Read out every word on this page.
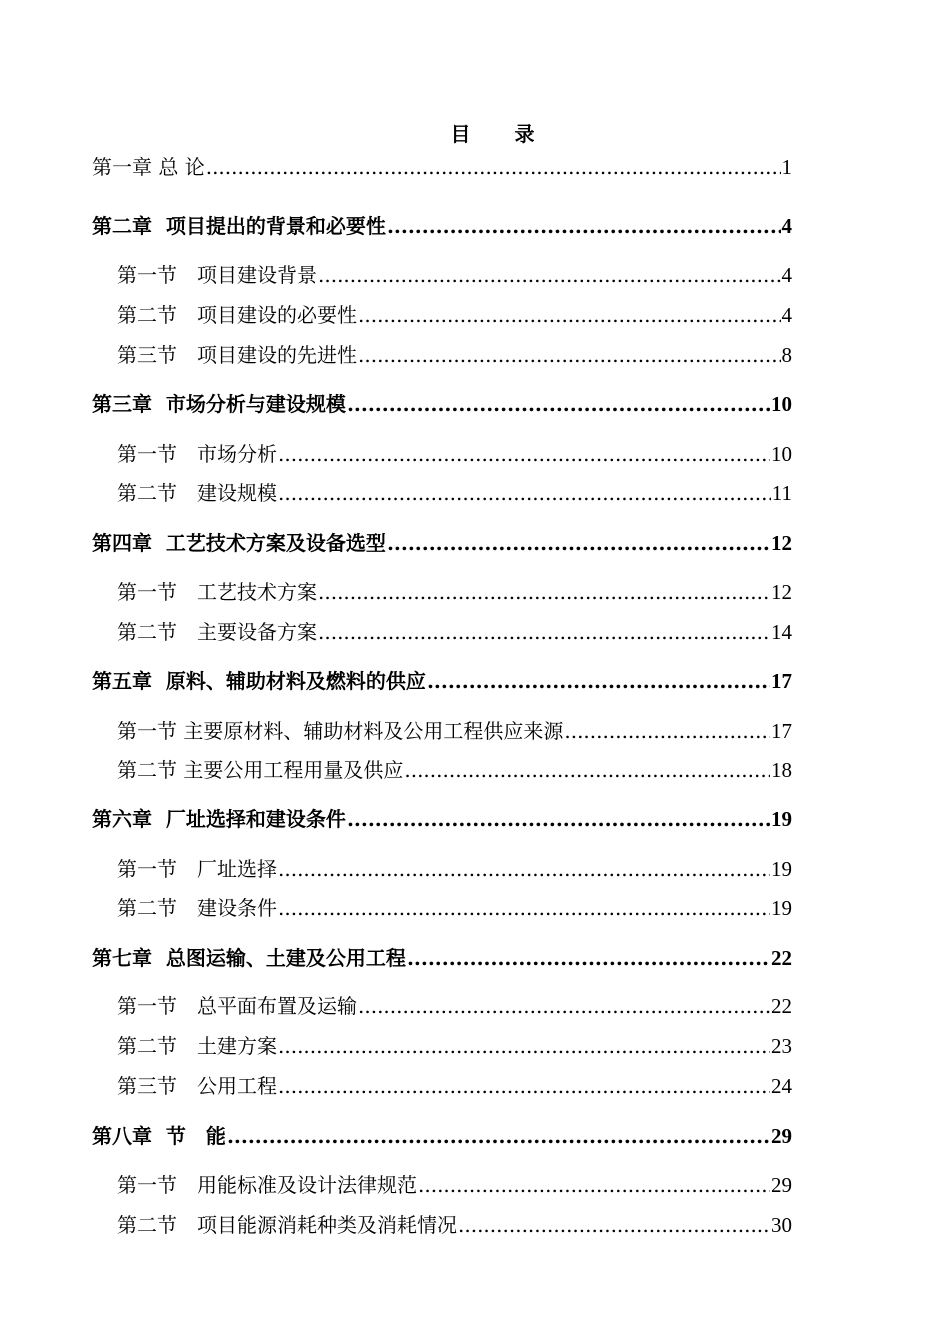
目　录
第一章 总 论 .....	1
第二章  项目提出的背景和必要性 .....	4
第一节　项目建设背景 .....	4
第二节　项目建设的必要性 .....	4
第三节　项目建设的先进性 .....	8
第三章  市场分析与建设规模 .....	10
第一节　市场分析 .....	10
第二节　建设规模 .....	11
第四章  工艺技术方案及设备选型 .....	12
第一节　工艺技术方案 .....	12
第二节　主要设备方案 .....	14
第五章  原料、辅助材料及燃料的供应 .....	17
第一节 主要原材料、辅助材料及公用工程供应来源 .....	17
第二节 主要公用工程用量及供应 .....	18
第六章  厂址选择和建设条件 .....	19
第一节　厂址选择 .....	19
第二节　建设条件 .....	19
第七章  总图运输、土建及公用工程 .....	22
第一节　总平面布置及运输 .....	22
第二节　土建方案 .....	23
第三节　公用工程 .....	24
第八章  节　能 .....	29
第一节　用能标准及设计法律规范 .....	29
第二节　项目能源消耗种类及消耗情况 .....	30
